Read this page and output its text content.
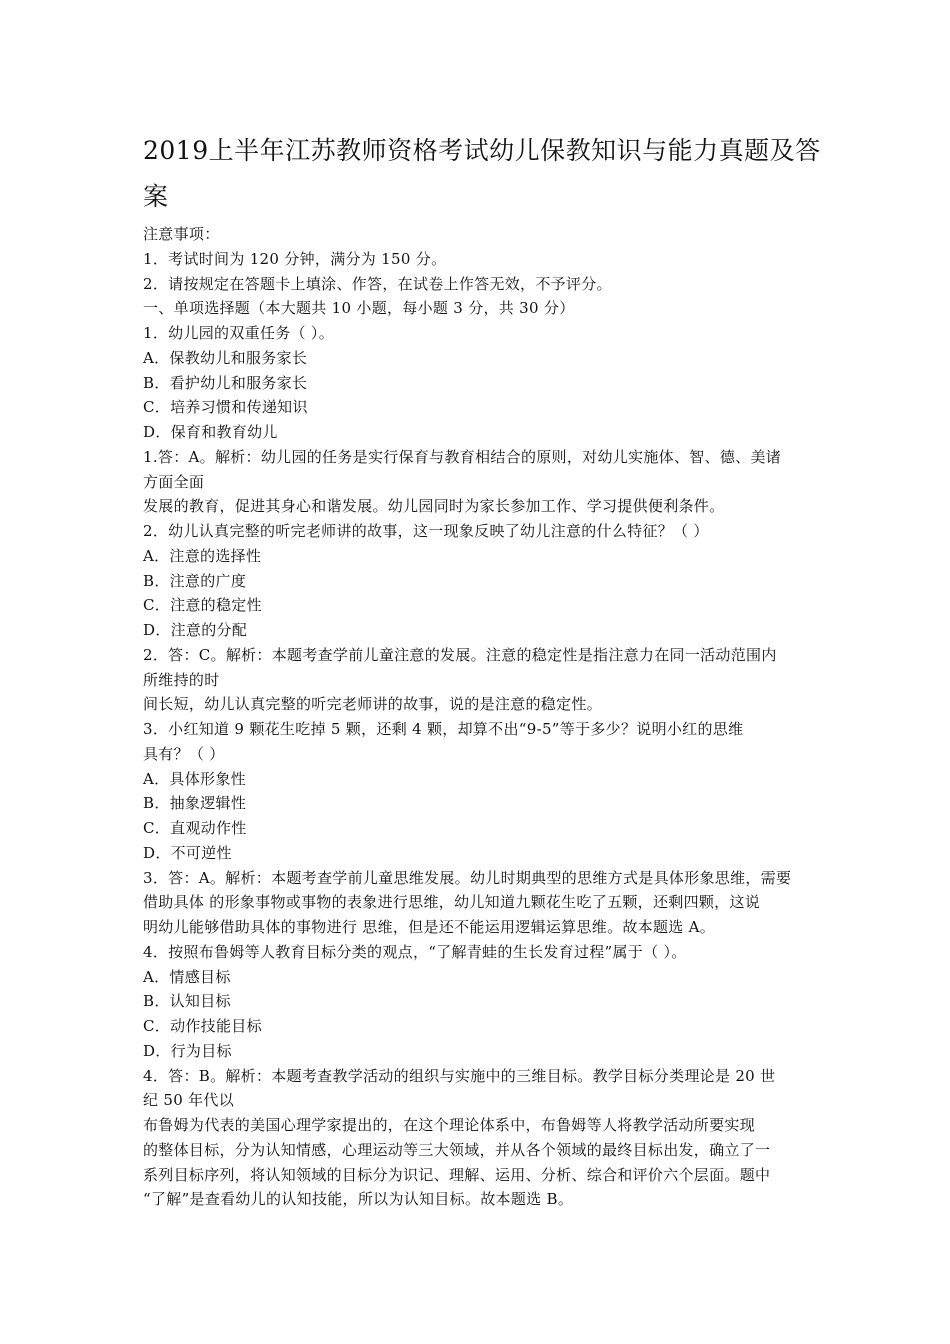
2019上半年江苏教师资格考试幼儿保教知识与能力真题及答案
注意事项：
1．考试时间为 120 分钟，满分为 150 分。
2．请按规定在答题卡上填涂、作答，在试卷上作答无效，不予评分。
一、单项选择题（本大题共 10 小题，每小题 3 分，共 30 分）
1．幼儿园的双重任务（ ）。
A．保教幼儿和服务家长
B．看护幼儿和服务家长
C．培养习惯和传递知识
D．保育和教育幼儿
1.答：A。解析：幼儿园的任务是实行保育与教育相结合的原则，对幼儿实施体、智、德、美诸
方面全面
发展的教育，促进其身心和谐发展。幼儿园同时为家长参加工作、学习提供便利条件。
2．幼儿认真完整的听完老师讲的故事，这一现象反映了幼儿注意的什么特征？（ ）
A．注意的选择性
B．注意的广度
C．注意的稳定性
D．注意的分配
2．答：C。解析：本题考查学前儿童注意的发展。注意的稳定性是指注意力在同一活动范围内
所维持的时
间长短，幼儿认真完整的听完老师讲的故事，说的是注意的稳定性。
3．小红知道 9 颗花生吃掉 5 颗，还剩 4 颗，却算不出“9-5”等于多少？说明小红的思维
具有？（ ）
A．具体形象性
B．抽象逻辑性
C．直观动作性
D．不可逆性
3．答：A。解析：本题考查学前儿童思维发展。幼儿时期典型的思维方式是具体形象思维，需要
借助具体 的形象事物或事物的表象进行思维，幼儿知道九颗花生吃了五颗，还剩四颗，这说
明幼儿能够借助具体的事物进行 思维，但是还不能运用逻辑运算思维。故本题选 A。
4．按照布鲁姆等人教育目标分类的观点，“了解青蛙的生长发育过程”属于（ ）。
A．情感目标
B．认知目标
C．动作技能目标
D．行为目标
4．答：B。解析：本题考查教学活动的组织与实施中的三维目标。教学目标分类理论是 20 世
纪 50 年代以
布鲁姆为代表的美国心理学家提出的，在这个理论体系中，布鲁姆等人将教学活动所要实现
的整体目标，分为认知情感，心理运动等三大领域，并从各个领域的最终目标出发，确立了一
系列目标序列，将认知领域的目标分为识记、理解、运用、分析、综合和评价六个层面。题中
“了解”是查看幼儿的认知技能，所以为认知目标。故本题选 B。
